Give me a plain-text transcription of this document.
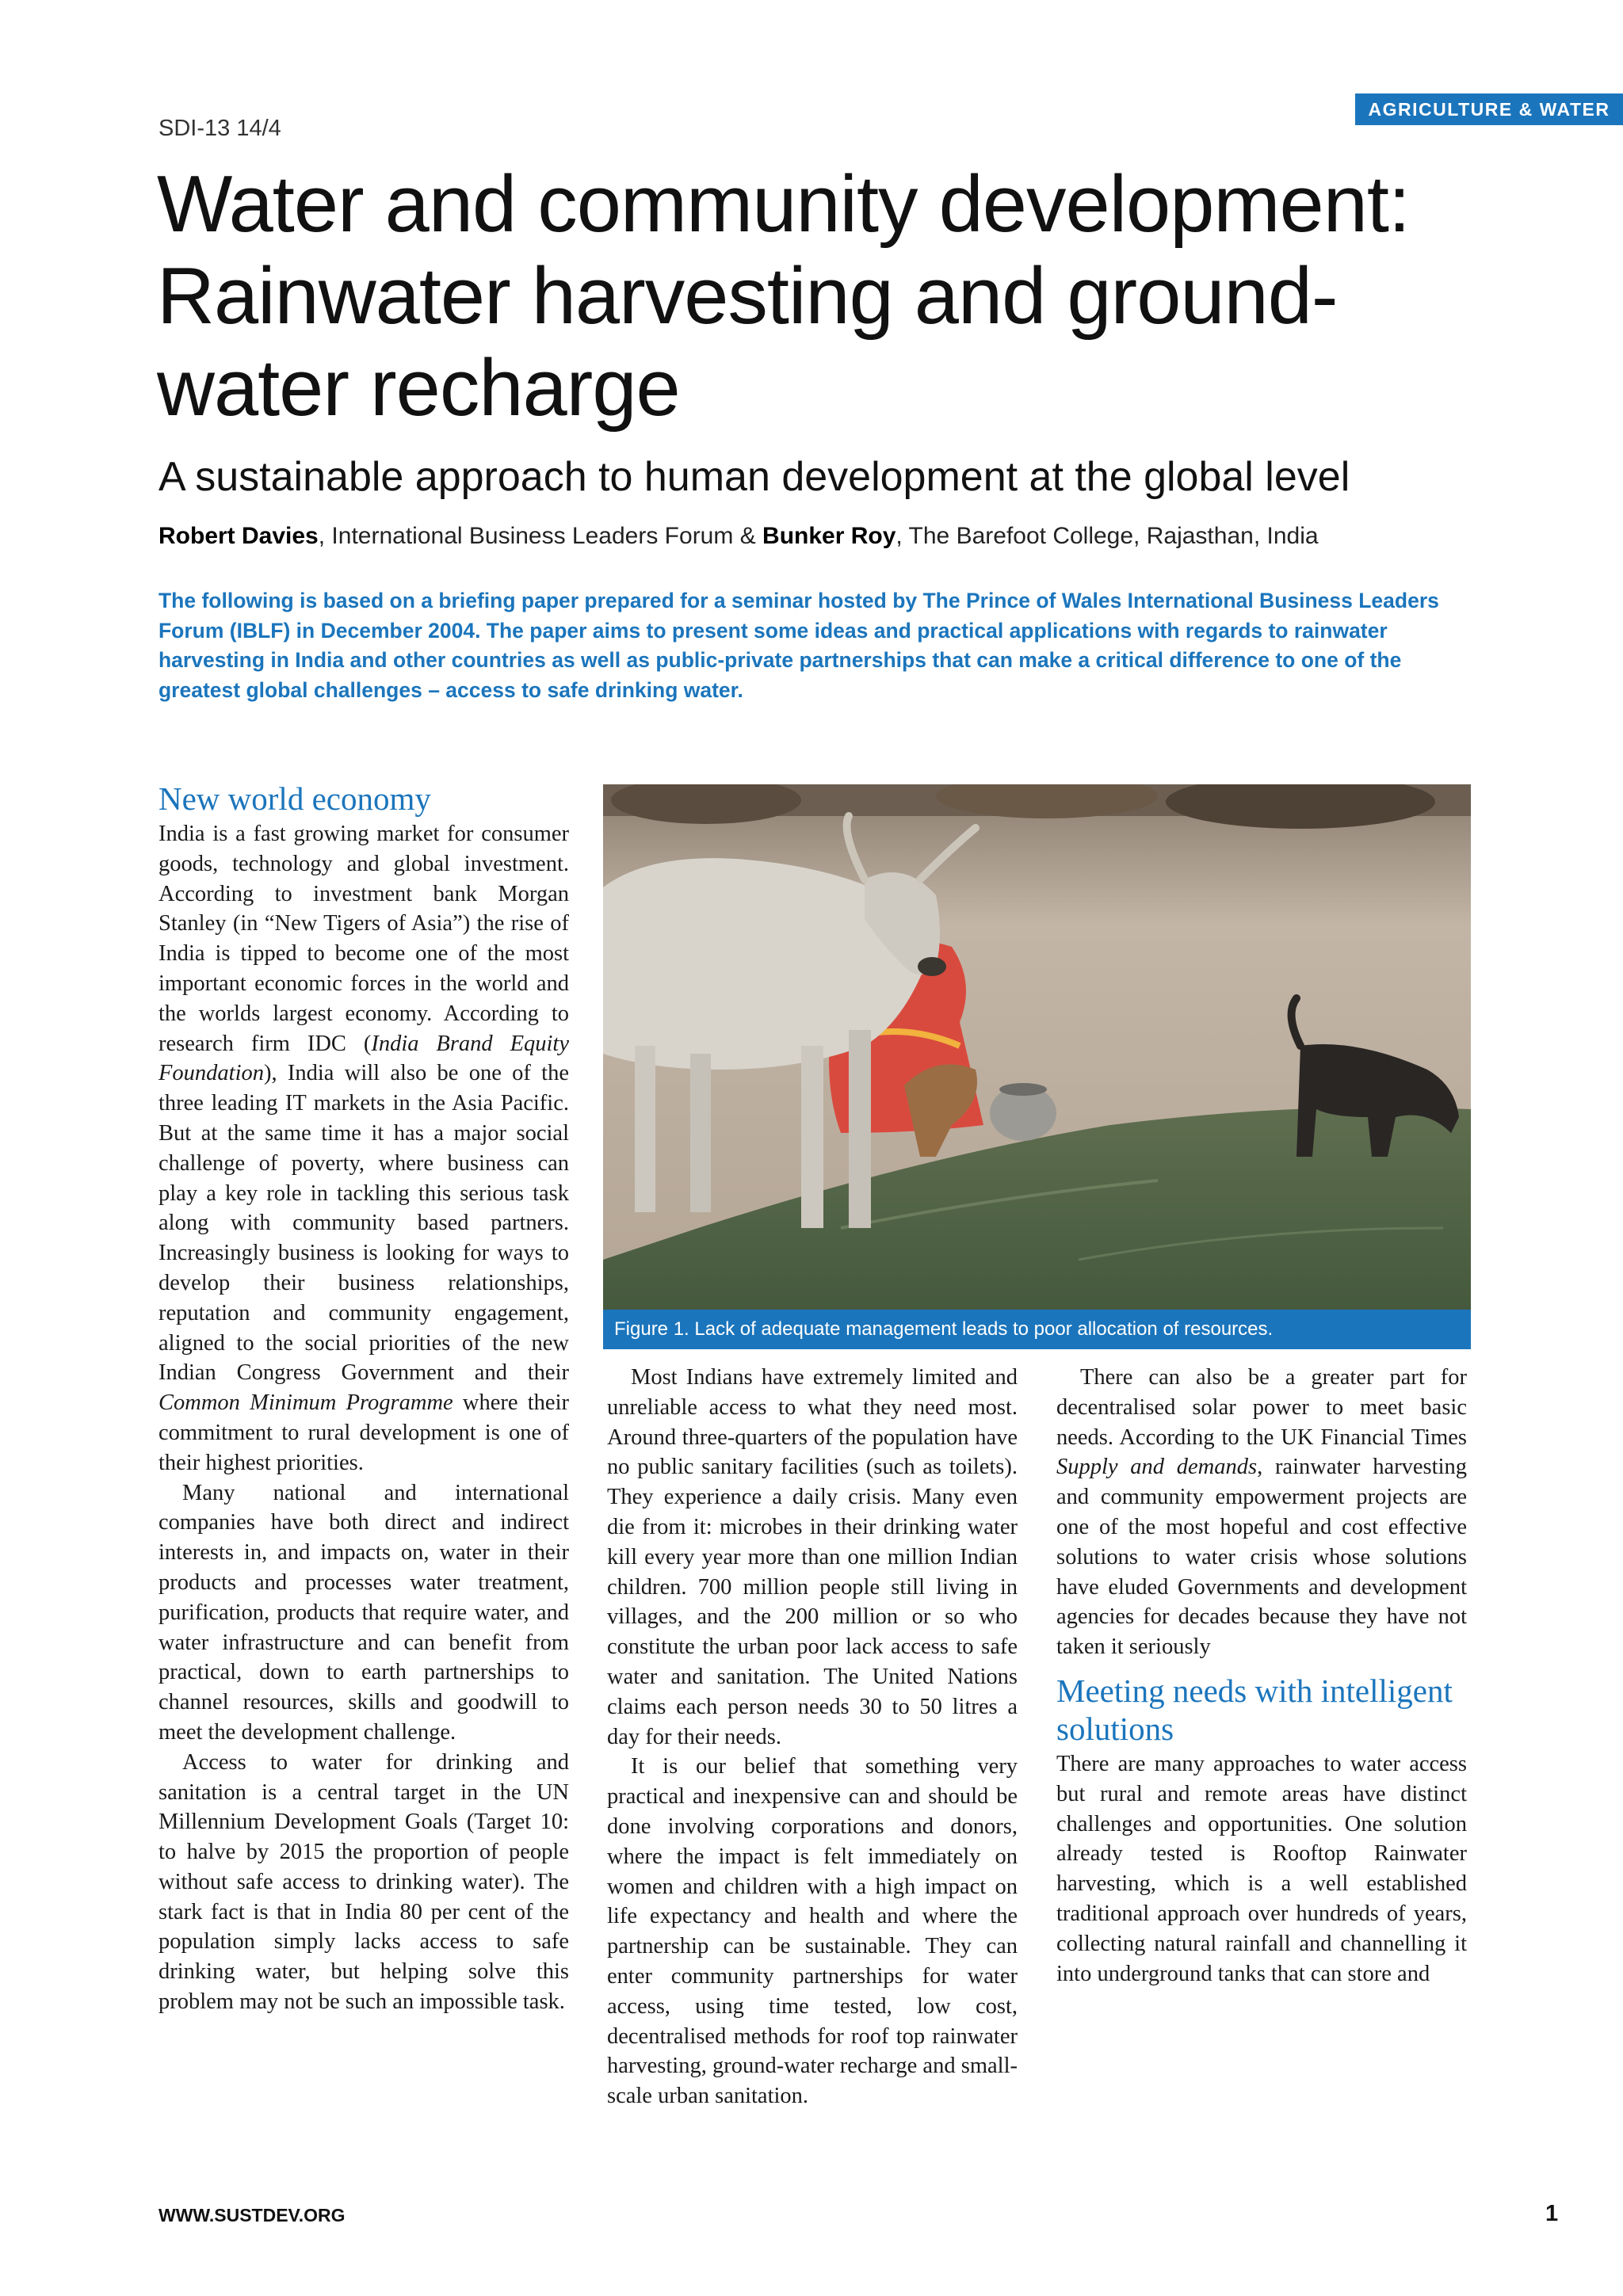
AGRICULTURE & WATER
SDI-13 14/4
Water and community development: Rainwater harvesting and ground-water recharge
A sustainable approach to human development at the global level
Robert Davies, International Business Leaders Forum & Bunker Roy, The Barefoot College, Rajasthan, India

The following is based on a briefing paper prepared for a seminar hosted by The Prince of Wales International Business Leaders Forum (IBLF) in December 2004. The paper aims to present some ideas and practical applications with regards to rainwater harvesting in India and other countries as well as public-private partnerships that can make a critical difference to one of the greatest global challenges – access to safe drinking water.

New world economy

India is a fast growing market for consumer goods, technology and global investment. According to investment bank Morgan Stanley (in “New Tigers of Asia”) the rise of India is tipped to become one of the most important economic forces in the world and the worlds largest economy. According to research firm IDC (India Brand Equity Foundation), India will also be one of the three leading IT markets in the Asia Pacific. But at the same time it has a major social challenge of poverty, where business can play a key role in tackling this serious task along with community based partners. Increasingly business is looking for ways to develop their business relationships, reputation and community engagement, aligned to the social priorities of the new Indian Congress Government and their Common Minimum Programme where their commitment to rural development is one of their highest priorities.

Many national and international companies have both direct and indirect interests in, and impacts on, water in their products and processes water treatment, purification, products that require water, and water infrastructure and can benefit from practical, down to earth partnerships to channel resources, skills and goodwill to meet the development challenge.

Access to water for drinking and sanitation is a central target in the UN Millennium Development Goals (Target 10: to halve by 2015 the proportion of people without safe access to drinking water). The stark fact is that in India 80 per cent of the population simply lacks access to safe drinking water, but helping solve this problem may not be such an impossible task.

Figure 1. Lack of adequate management leads to poor allocation of resources.

Most Indians have extremely limited and unreliable access to what they need most. Around three-quarters of the population have no public sanitary facilities (such as toilets). They experience a daily crisis. Many even die from it: microbes in their drinking water kill every year more than one million Indian children. 700 million people still living in villages, and the 200 million or so who constitute the urban poor lack access to safe water and sanitation. The United Nations claims each person needs 30 to 50 litres a day for their needs.

It is our belief that something very practical and inexpensive can and should be done involving corporations and donors, where the impact is felt immediately on women and children with a high impact on life expectancy and health and where the partnership can be sustainable. They can enter community partnerships for water access, using time tested, low cost, decentralised methods for roof top rainwater harvesting, ground-water recharge and small-scale urban sanitation.

There can also be a greater part for decentralised solar power to meet basic needs. According to the UK Financial Times Supply and demands, rainwater harvesting and community empowerment projects are one of the most hopeful and cost effective solutions to water crisis whose solutions have eluded Governments and development agencies for decades because they have not taken it seriously

Meeting needs with intelligent solutions

There are many approaches to water access but rural and remote areas have distinct challenges and opportunities. One solution already tested is Rooftop Rainwater harvesting, which is a well established traditional approach over hundreds of years, collecting natural rainfall and channelling it into underground tanks that can store and

WWW.SUSTDEV.ORG	1
